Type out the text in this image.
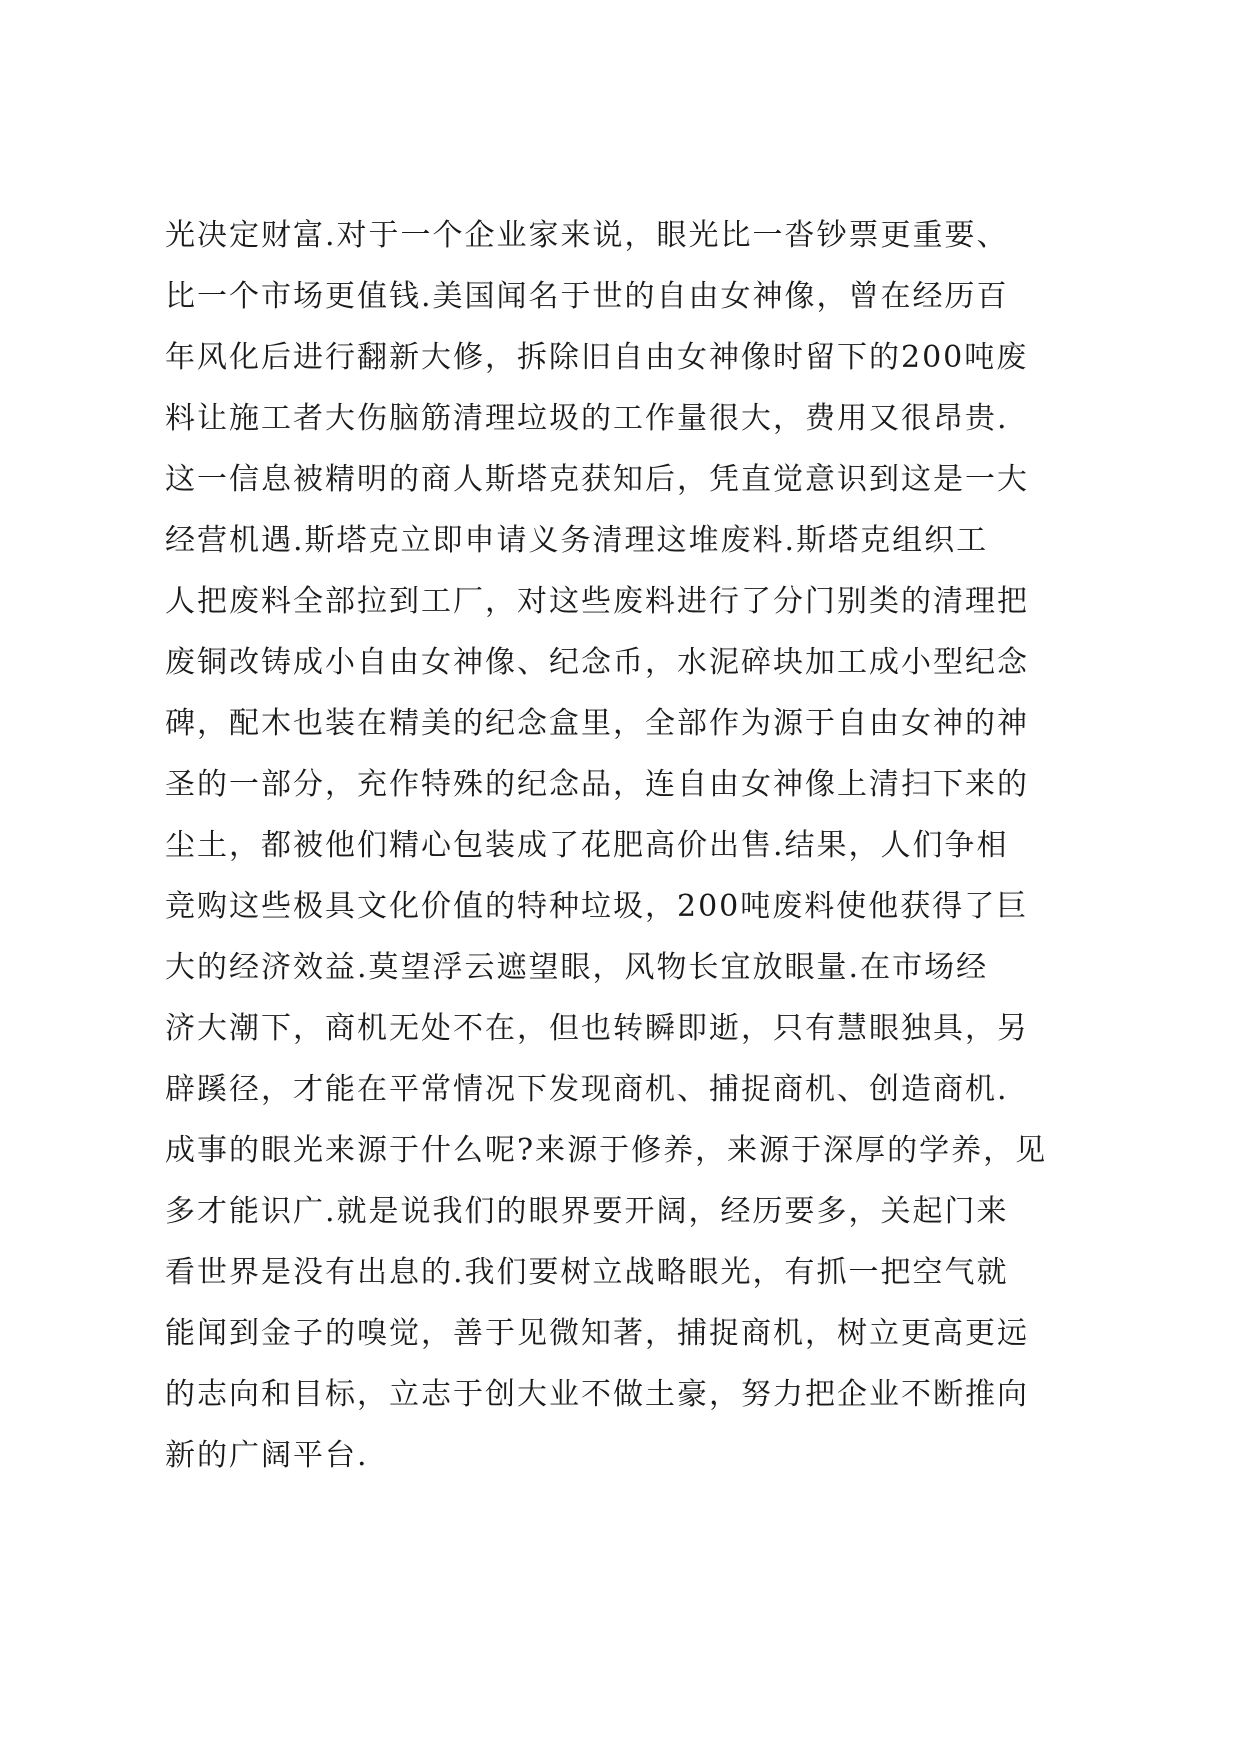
光决定财富.对于一个企业家来说，眼光比一沓钞票更重要、
比一个市场更值钱.美国闻名于世的自由女神像，曾在经历百
年风化后进行翻新大修，拆除旧自由女神像时留下的200吨废
料让施工者大伤脑筋清理垃圾的工作量很大，费用又很昂贵.
这一信息被精明的商人斯塔克获知后，凭直觉意识到这是一大
经营机遇.斯塔克立即申请义务清理这堆废料.斯塔克组织工
人把废料全部拉到工厂，对这些废料进行了分门别类的清理把
废铜改铸成小自由女神像、纪念币，水泥碎块加工成小型纪念
碑，配木也装在精美的纪念盒里，全部作为源于自由女神的神
圣的一部分，充作特殊的纪念品，连自由女神像上清扫下来的
尘土，都被他们精心包装成了花肥高价出售.结果，人们争相
竞购这些极具文化价值的特种垃圾，200吨废料使他获得了巨
大的经济效益.莫望浮云遮望眼，风物长宜放眼量.在市场经
济大潮下，商机无处不在，但也转瞬即逝，只有慧眼独具，另
辟蹊径，才能在平常情况下发现商机、捕捉商机、创造商机.
成事的眼光来源于什么呢?来源于修养，来源于深厚的学养，见
多才能识广.就是说我们的眼界要开阔，经历要多，关起门来
看世界是没有出息的.我们要树立战略眼光，有抓一把空气就
能闻到金子的嗅觉，善于见微知著，捕捉商机，树立更高更远
的志向和目标，立志于创大业不做土豪，努力把企业不断推向
新的广阔平台.
